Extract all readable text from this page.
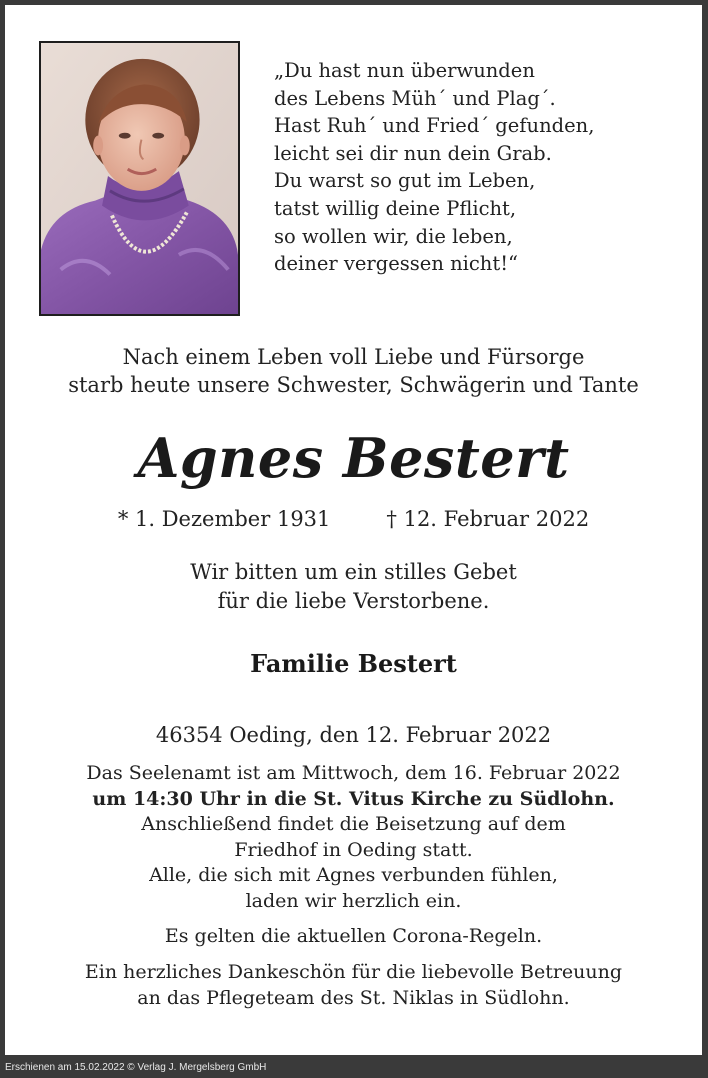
„Du hast nun überwunden
des Lebens Müh´ und Plag´.
Hast Ruh´ und Fried´ gefunden,
leicht sei dir nun dein Grab.
Du warst so gut im Leben,
tatst willig deine Pflicht,
so wollen wir, die leben,
deiner vergessen nicht!“
Nach einem Leben voll Liebe und Fürsorge
starb heute unsere Schwester, Schwägerin und Tante
Agnes Bestert
* 1. Dezember 1931	† 12. Februar 2022
Wir bitten um ein stilles Gebet
für die liebe Verstorbene.
Familie Bestert
46354 Oeding, den 12. Februar 2022
Das Seelenamt ist am Mittwoch, dem 16. Februar 2022
um 14:30 Uhr in die St. Vitus Kirche zu Südlohn.
Anschließend findet die Beisetzung auf dem
Friedhof in Oeding statt.
Alle, die sich mit Agnes verbunden fühlen,
laden wir herzlich ein.
Es gelten die aktuellen Corona-Regeln.
Ein herzliches Dankeschön für die liebevolle Betreuung
an das Pflegeteam des St. Niklas in Südlohn.
Erschienen am 15.02.2022 © Verlag J. Mergelsberg GmbH
